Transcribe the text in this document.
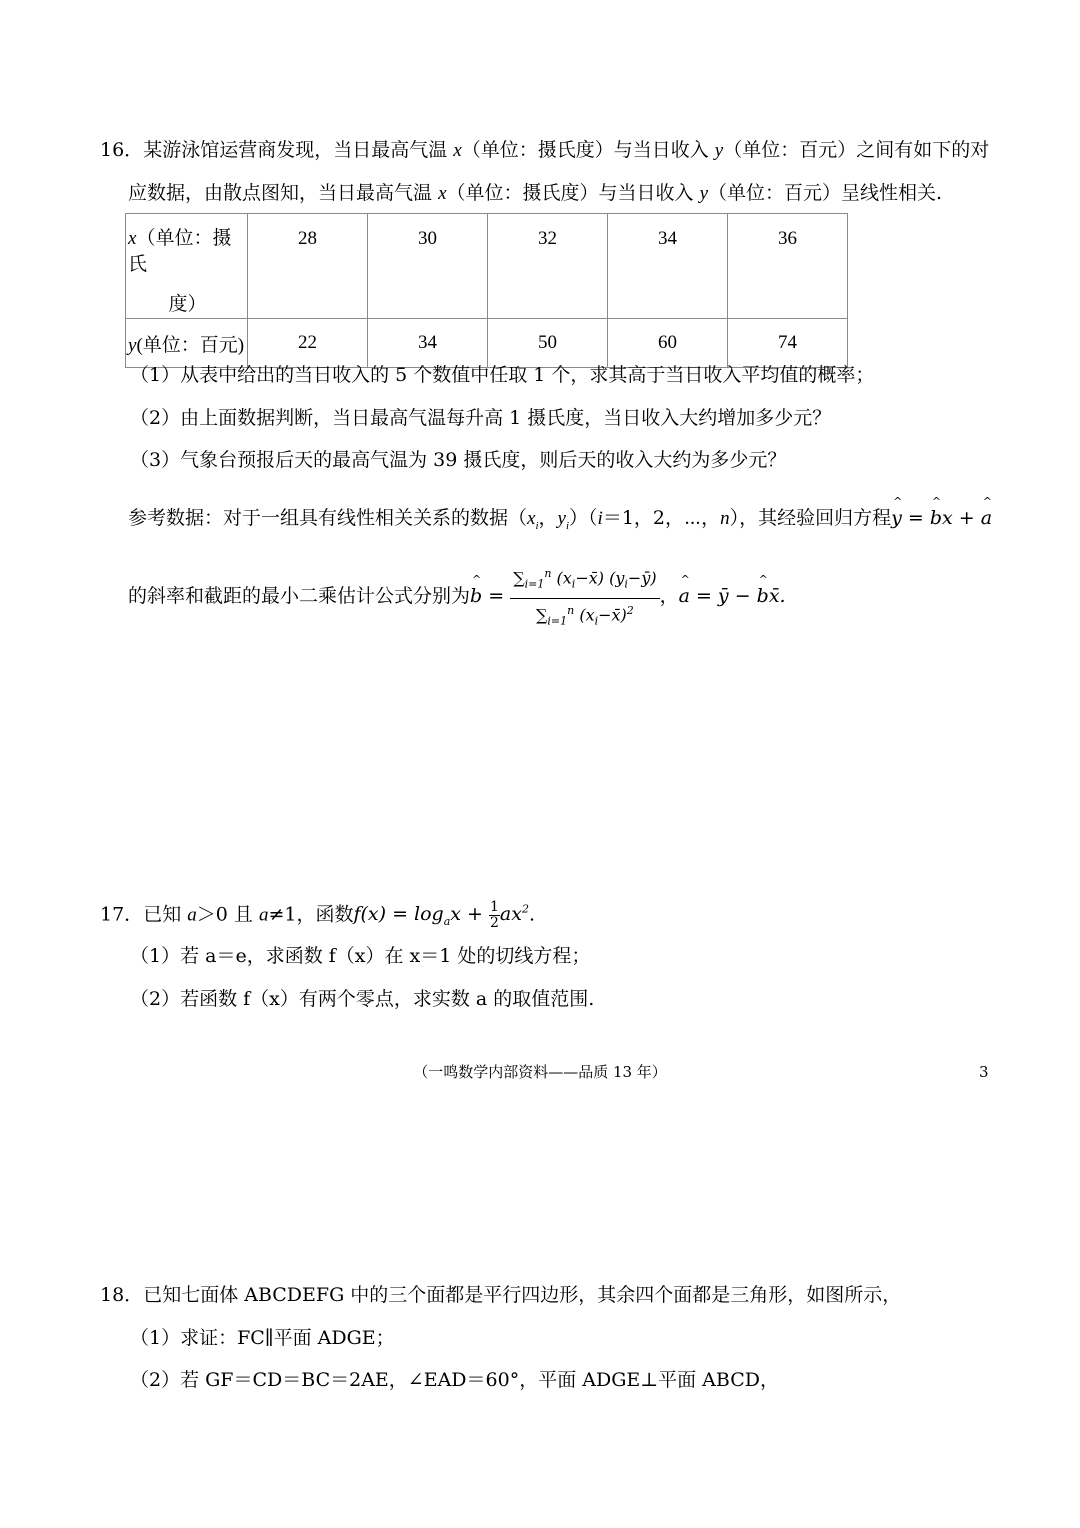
16．某游泳馆运营商发现，当日最高气温 x（单位：摄氏度）与当日收入 y（单位：百元）之间有如下的对
应数据，由散点图知，当日最高气温 x（单位：摄氏度）与当日收入 y（单位：百元）呈线性相关.
x（单位：摄氏
度）	28	30	32	34	36
y(单位：百元)	22	34	50	60	74
（1）从表中给出的当日收入的 5 个数值中任取 1 个，求其高于当日收入平均值的概率；
（2）由上面数据判断，当日最高气温每升高 1 摄氏度，当日收入大约增加多少元？
（3）气象台预报后天的最高气温为 39 摄氏度，则后天的收入大约为多少元？
参考数据：对于一组具有线性相关关系的数据（$x_i$，$y_i)(i=1$，2，⋯，n），其经验回归方程^ y = ^ bx + ^ a
的斜率和截距的最小二乘估计公式分别为^ $b = \frac{\sum_{i=1}^n (x_i-x̄) (y_i-ȳ)}{\sum_{i=1}^n (x_i-x̄)^2}$ ，^ a = ȳ − ^ bx̄.
17．已知 a＞0 且 a≠1，函数$f(x) = \log_ax + \frac{1}{2} ax^2$.
（1）若 a＝e，求函数 f（x）在 x＝1 处的切线方程；
（2）若函数 f（x）有两个零点，求实数 a 的取值范围.
18．已知七面体 ABCDEFG 中的三个面都是平行四边形，其余四个面都是三角形，如图所示，
（1）求证：FC∥平面 ADGE；
（2）若 GF＝CD＝BC＝2AE，∠EAD＝60°，平面 ADGE⊥平面 ABCD，
（一鸣数学内部资料——品质 13 年）	3
